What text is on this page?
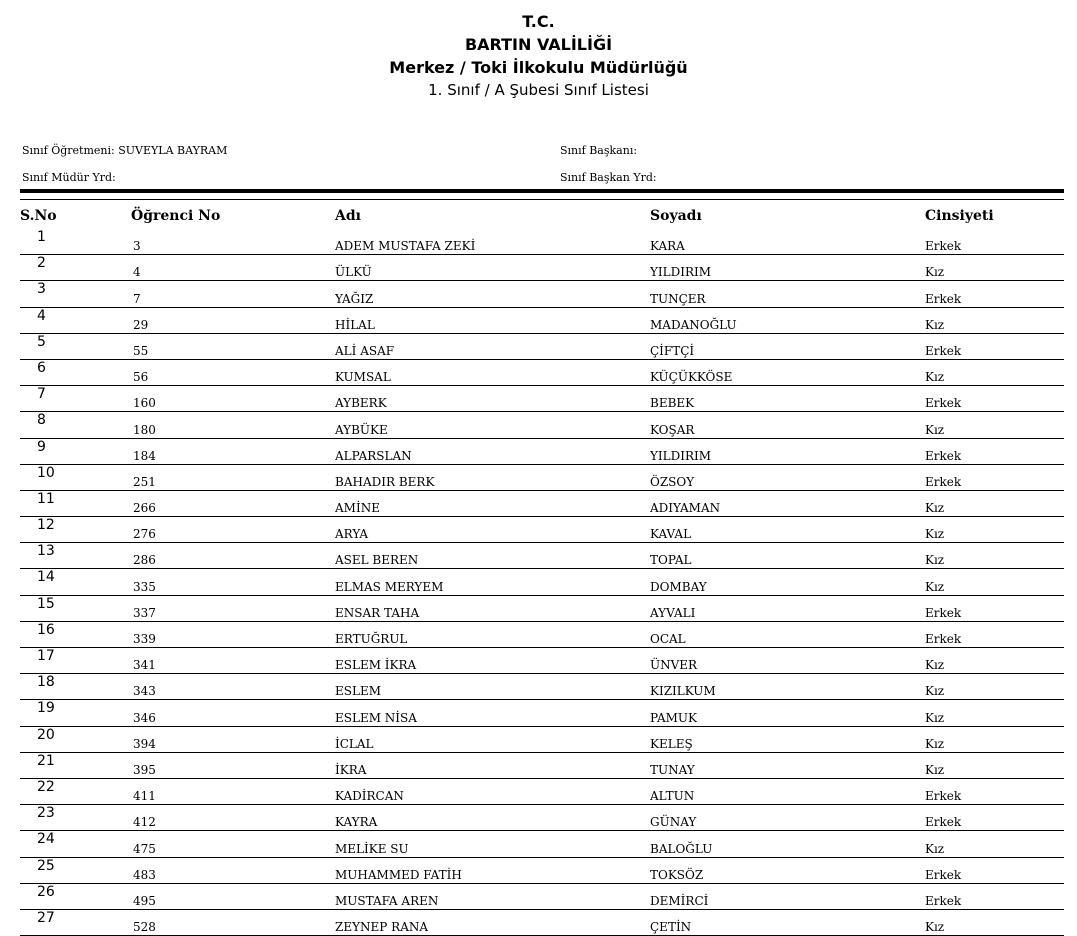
T.C.
BARTIN VALİLİĞİ
Merkez / Toki İlkokulu Müdürlüğü
1. Sınıf / A Şubesi Sınıf Listesi
Sınıf Öğretmeni: SUVEYLA BAYRAM
Sınıf Müdür Yrd:
Sınıf Başkanı:
Sınıf Başkan Yrd:
S.No	Öğrenci No	Adı	Soyadı	Cinsiyeti
1	3	ADEM MUSTAFA ZEKİ	KARA	Erkek
2	4	ÜLKÜ	YILDIRIM	Kız
3	7	YAĞIZ	TUNÇER	Erkek
4	29	HİLAL	MADANOĞLU	Kız
5	55	ALİ ASAF	ÇİFTÇİ	Erkek
6	56	KUMSAL	KÜÇÜKKÖSE	Kız
7	160	AYBERK	BEBEK	Erkek
8	180	AYBÜKE	KOŞAR	Kız
9	184	ALPARSLAN	YILDIRIM	Erkek
10	251	BAHADIR BERK	ÖZSOY	Erkek
11	266	AMİNE	ADIYAMAN	Kız
12	276	ARYA	KAVAL	Kız
13	286	ASEL BEREN	TOPAL	Kız
14	335	ELMAS MERYEM	DOMBAY	Kız
15	337	ENSAR TAHA	AYVALI	Erkek
16	339	ERTUĞRUL	OCAL	Erkek
17	341	ESLEM İKRA	ÜNVER	Kız
18	343	ESLEM	KIZILKUM	Kız
19	346	ESLEM NİSA	PAMUK	Kız
20	394	İCLAL	KELEŞ	Kız
21	395	İKRA	TUNAY	Kız
22	411	KADİRCAN	ALTUN	Erkek
23	412	KAYRA	GÜNAY	Erkek
24	475	MELİKE SU	BALOĞLU	Kız
25	483	MUHAMMED FATİH	TOKSÖZ	Erkek
26	495	MUSTAFA AREN	DEMİRCİ	Erkek
27	528	ZEYNEP RANA	ÇETİN	Kız
